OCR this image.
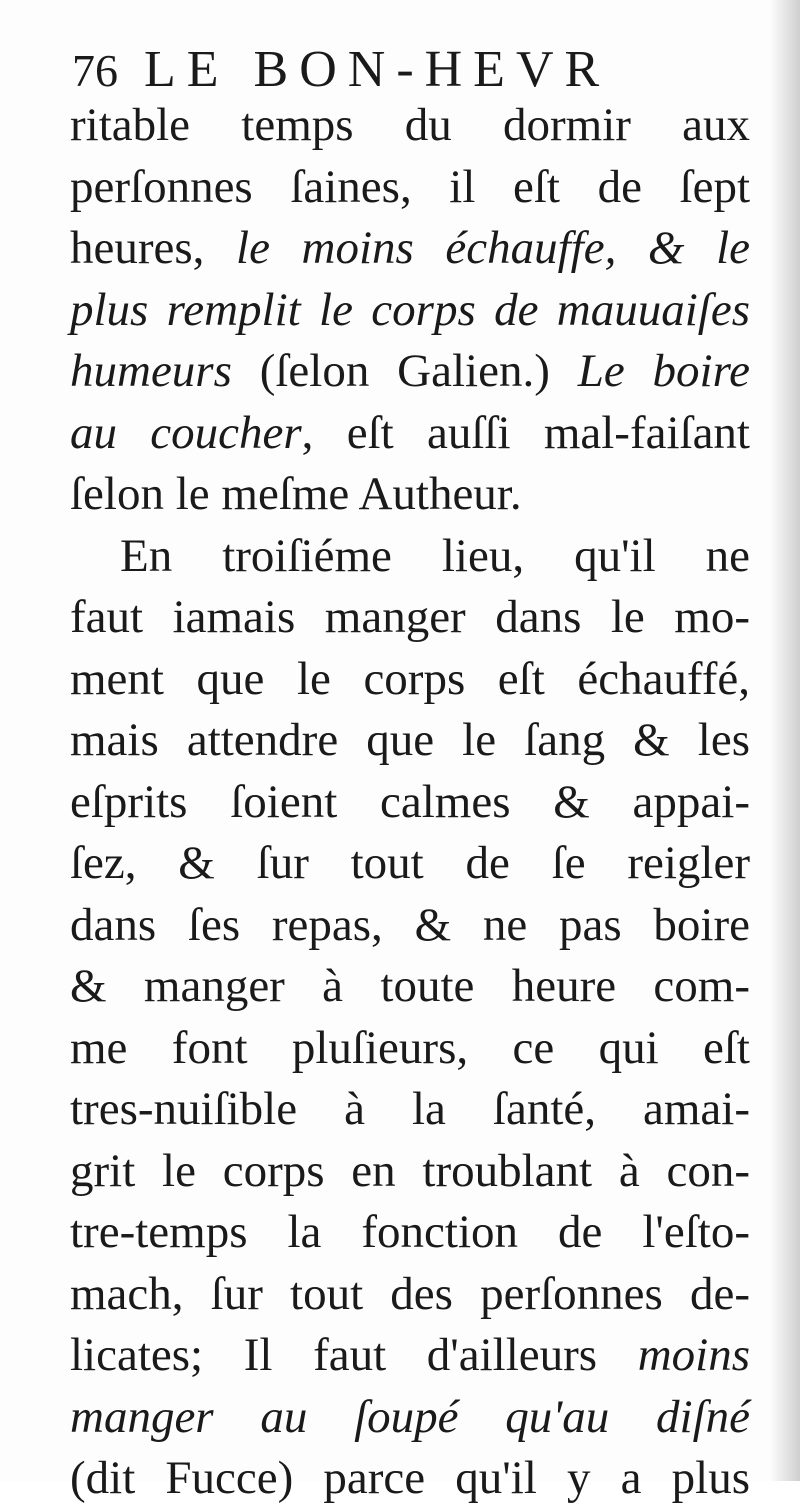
76 LE BON-HEVR
ritable temps du dormir aux
perſonnes ſaines, il eſt de ſept
heures, le moins échauffe, & le
plus remplit le corps de mauuaiſes
humeurs (ſelon Galien.) Le boire
au coucher, eſt auſſi mal-faiſant
ſelon le meſme Autheur.
En troiſiéme lieu, qu'il ne
faut iamais manger dans le mo-
ment que le corps eſt échauffé,
mais attendre que le ſang & les
eſprits ſoient calmes & appai-
ſez, & ſur tout de ſe reigler
dans ſes repas, & ne pas boire
& manger à toute heure com-
me font pluſieurs, ce qui eſt
tres-nuiſible à la ſanté, amai-
grit le corps en troublant à con-
tre-temps la fonction de l'eſto-
mach, ſur tout des perſonnes de-
licates; Il faut d'ailleurs moins
manger au ſoupé qu'au diſné
(dit Fucce) parce qu'il y a plus
